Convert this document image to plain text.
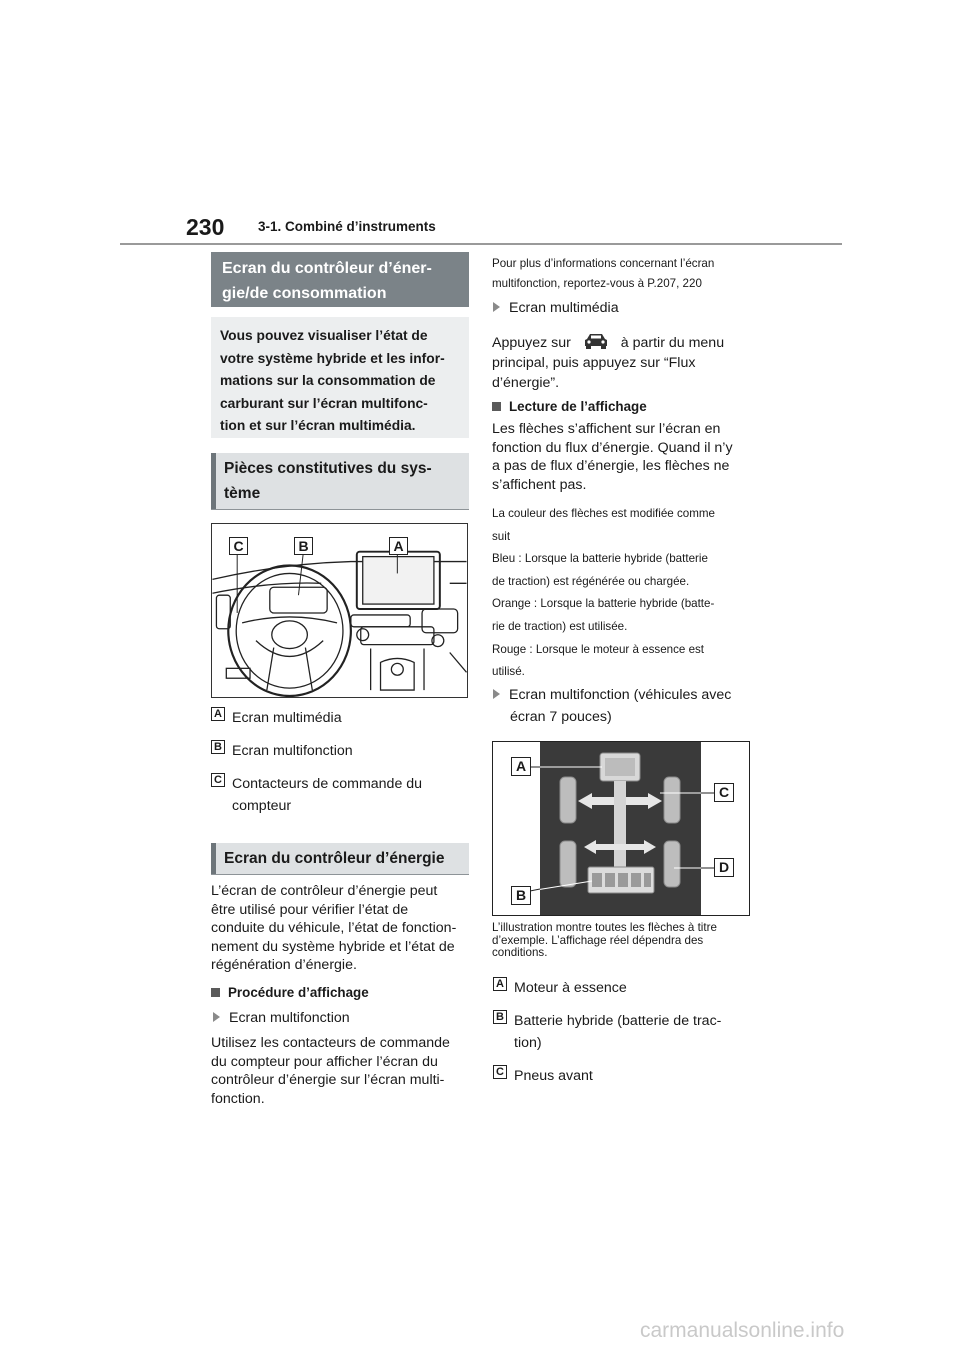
230 3-1. Combiné d’instruments
Ecran du contrôleur d’éner-
gie/de consommation
Vous pouvez visualiser l’état de
votre système hybride et les infor-
mations sur la consommation de
carburant sur l’écran multifonc-
tion et sur l’écran multimédia.
Pièces constitutives du sys-
tème
C	B	A
A Ecran multimédia
B Ecran multifonction
C Contacteurs de commande du
compteur
Ecran du contrôleur d’énergie
L’écran de contrôleur d’énergie peut
être utilisé pour vérifier l’état de
conduite du véhicule, l’état de fonction-
nement du système hybride et l’état de
régénération d’énergie.
Procédure d’affichage
Ecran multifonction
Utilisez les contacteurs de commande
du compteur pour afficher l’écran du
contrôleur d’énergie sur l’écran multi-
fonction.
Pour plus d’informations concernant l’écran
multifonction, reportez-vous à P.207, 220
Ecran multimédia
Appuyez sur	à partir du menu
principal, puis appuyez sur “Flux
d’énergie”.
Lecture de l’affichage
Les flèches s’affichent sur l’écran en
fonction du flux d’énergie. Quand il n’y
a pas de flux d’énergie, les flèches ne
s’affichent pas.
La couleur des flèches est modifiée comme
suit
Bleu : Lorsque la batterie hybride (batterie
de traction) est régénérée ou chargée.
Orange : Lorsque la batterie hybride (batte-
rie de traction) est utilisée.
Rouge : Lorsque le moteur à essence est
utilisé.
Ecran multifonction (véhicules avec
écran 7 pouces)
A
C
D
B
L’illustration montre toutes les flèches à titre
d’exemple. L’affichage réel dépendra des
conditions.
A Moteur à essence
B Batterie hybride (batterie de trac-
tion)
C Pneus avant
carmanualsonline.info
